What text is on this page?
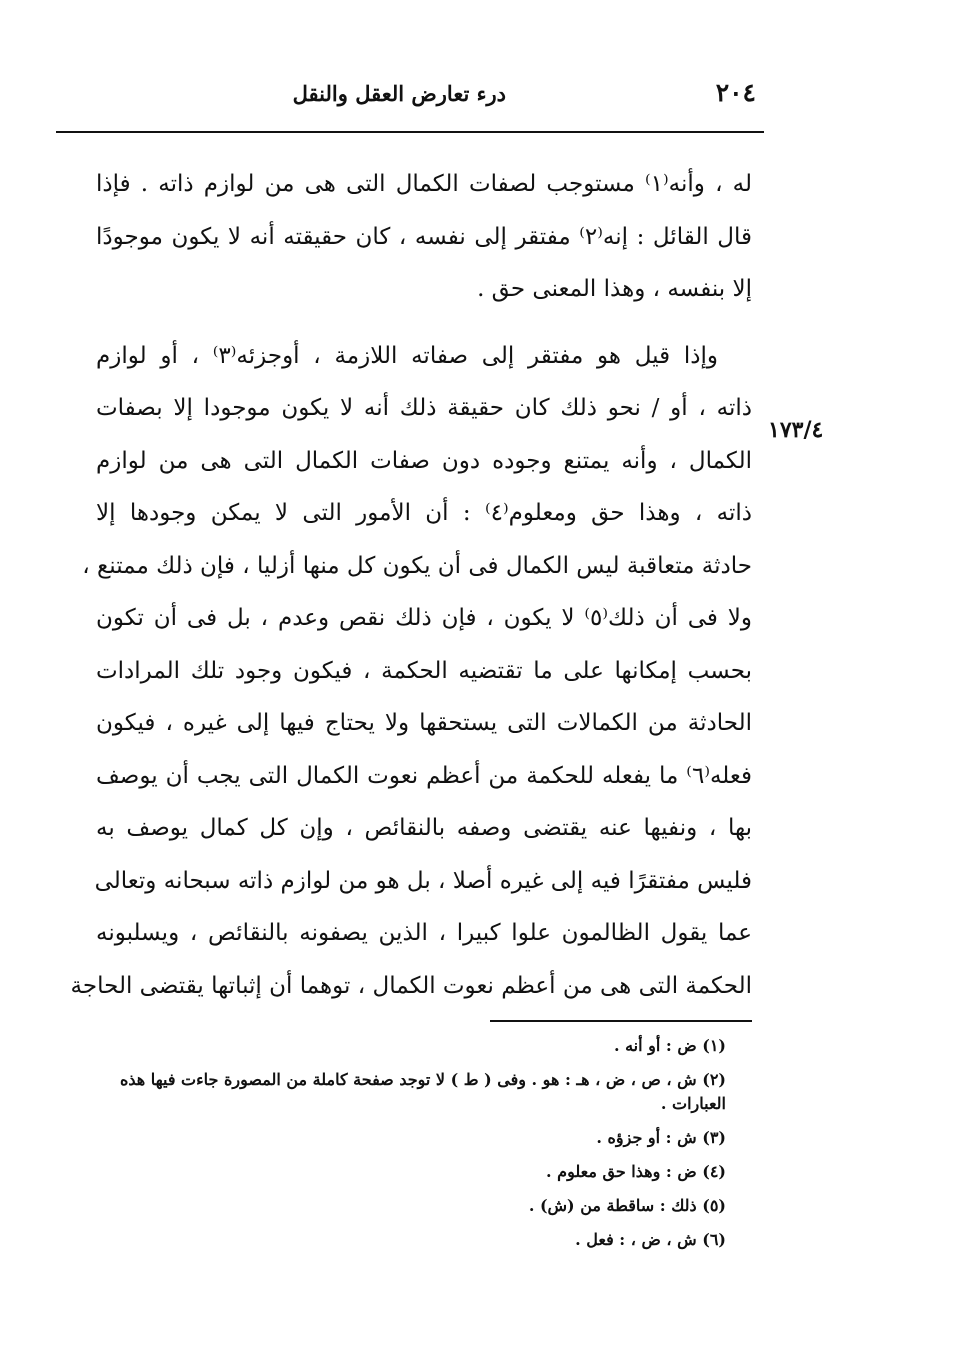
٢٠٤
درء تعارض العقل والنقل
١٧٣/٤
له ، وأنه⁽١⁾ مستوجب لصفات الكمال التى هى من لوازم ذاته . فإذا
قال القائل : إنه⁽٢⁾ مفتقر إلى نفسه ، كان حقيقته أنه لا يكون موجودًا
إلا بنفسه ، وهذا المعنى حق .
وإذا قيل هو مفتقر إلى صفاته اللازمة ، أوجزئه⁽٣⁾ ، أو لوازم
ذاته ، أو / نحو ذلك كان حقيقة ذلك أنه لا يكون موجودا إلا بصفات
الكمال ، وأنه يمتنع وجوده دون صفات الكمال التى هى من لوازم
ذاته ، وهذا حق ومعلوم⁽٤⁾ : أن الأمور التى لا يمكن وجودها إلا
حادثة متعاقبة ليس الكمال فى أن يكون كل منها أزليا ، فإن ذلك ممتنع ،
ولا فى أن ذلك⁽٥⁾ لا يكون ، فإن ذلك نقص وعدم ، بل فى أن تكون
بحسب إمكانها على ما تقتضيه الحكمة ، فيكون وجود تلك المرادات
الحادثة من الكمالات التى يستحقها ولا يحتاج فيها إلى غيره ، فيكون
فعله⁽٦⁾ ما يفعله للحكمة من أعظم نعوت الكمال التى يجب أن يوصف
بها ، ونفيها عنه يقتضى وصفه بالنقائص ، وإن كل كمال يوصف به
فليس مفتقرًا فيه إلى غيره أصلا ، بل هو من لوازم ذاته سبحانه وتعالى
عما يقول الظالمون علوا كبيرا ، الذين يصفونه بالنقائص ، ويسلبونه
الحكمة التى هى من أعظم نعوت الكمال ، توهما أن إثباتها يقتضى الحاجة
(١) ض : أو أنه .
(٢) ش ، ص ، ض ، هـ : هو . وفى ( ط ) لا توجد صفحة كاملة من المصورة جاءت فيها هذه العبارات .
(٣) ش : أو جزؤه .
(٤) ض : وهذا حق معلوم .
(٥) ذلك : ساقطة من (ش) .
(٦) ش ، ض ، : فعل .
